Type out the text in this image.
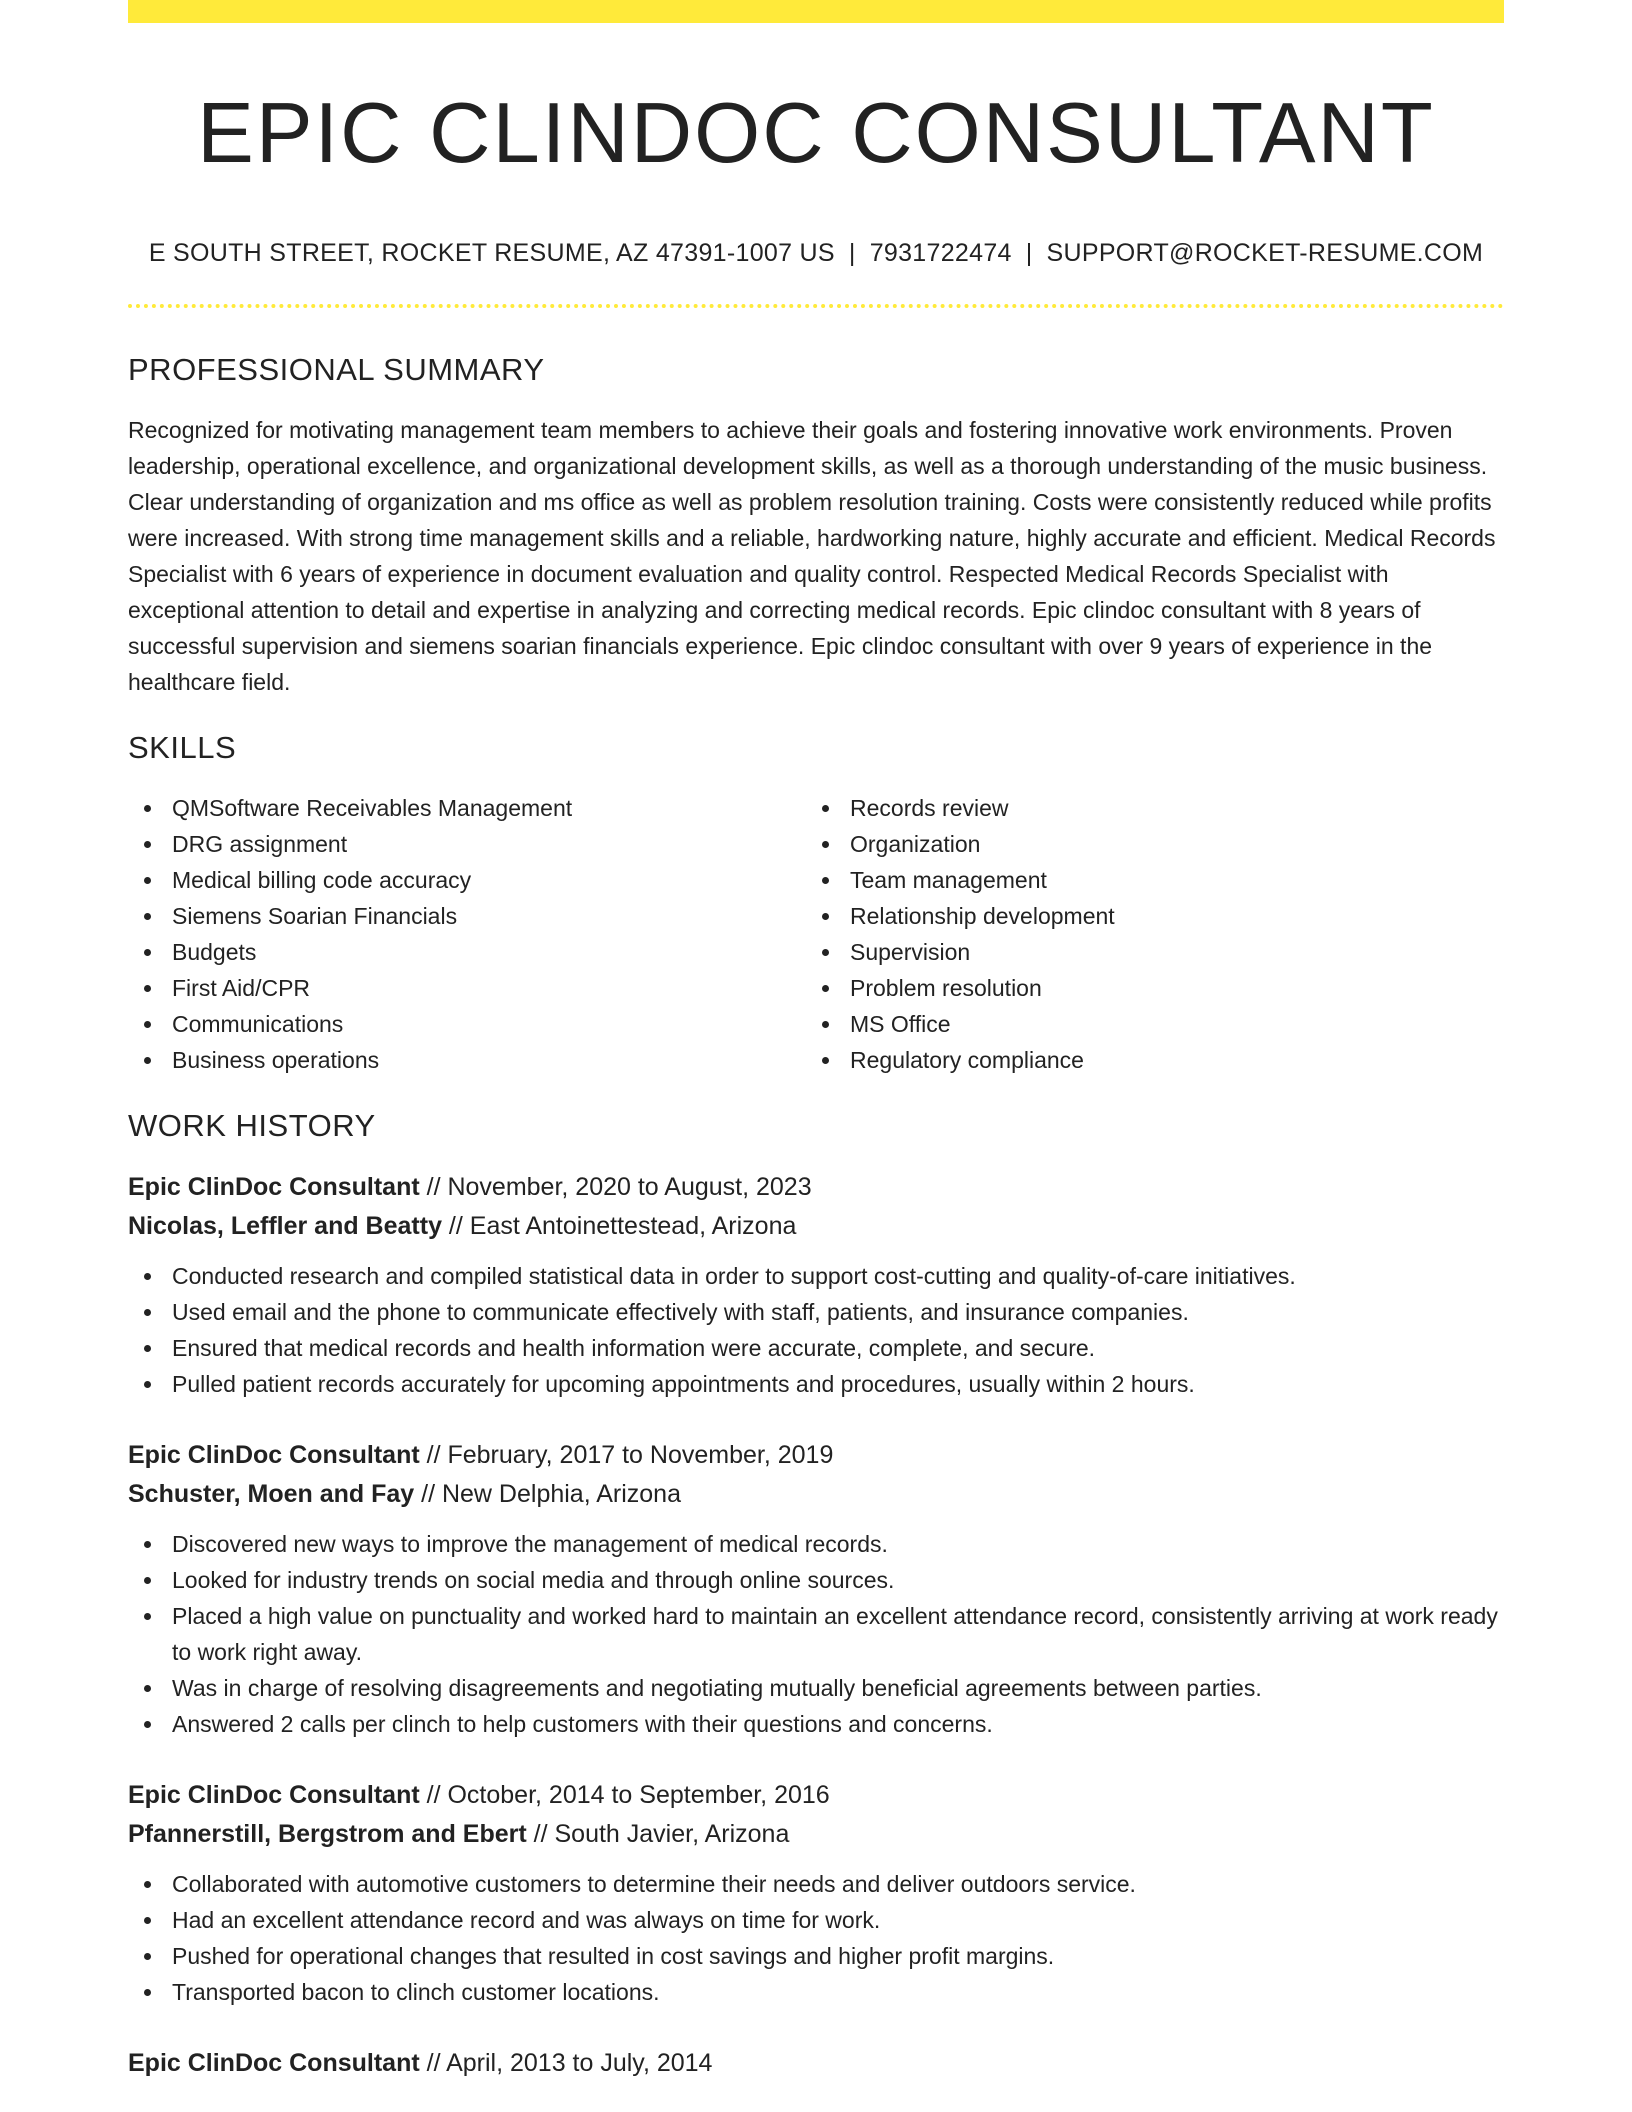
EPIC CLINDOC CONSULTANT
E SOUTH STREET, ROCKET RESUME, AZ 47391-1007 US | 7931722474 | SUPPORT@ROCKET-RESUME.COM
PROFESSIONAL SUMMARY

Recognized for motivating management team members to achieve their goals and fostering innovative work environments. Proven leadership, operational excellence, and organizational development skills, as well as a thorough understanding of the music business. Clear understanding of organization and ms office as well as problem resolution training. Costs were consistently reduced while profits were increased. With strong time management skills and a reliable, hardworking nature, highly accurate and efficient. Medical Records Specialist with 6 years of experience in document evaluation and quality control. Respected Medical Records Specialist with exceptional attention to detail and expertise in analyzing and correcting medical records. Epic clindoc consultant with 8 years of successful supervision and siemens soarian financials experience. Epic clindoc consultant with over 9 years of experience in the healthcare field.

SKILLS
QMSoftware Receivables Management
DRG assignment
Medical billing code accuracy
Siemens Soarian Financials
Budgets
First Aid/CPR
Communications
Business operations
Records review
Organization
Team management
Relationship development
Supervision
Problem resolution
MS Office
Regulatory compliance
WORK HISTORY
Epic ClinDoc Consultant // November, 2020 to August, 2023
Nicolas, Leffler and Beatty // East Antoinettestead, Arizona
Conducted research and compiled statistical data in order to support cost-cutting and quality-of-care initiatives.
Used email and the phone to communicate effectively with staff, patients, and insurance companies.
Ensured that medical records and health information were accurate, complete, and secure.
Pulled patient records accurately for upcoming appointments and procedures, usually within 2 hours.
Epic ClinDoc Consultant // February, 2017 to November, 2019
Schuster, Moen and Fay // New Delphia, Arizona
Discovered new ways to improve the management of medical records.
Looked for industry trends on social media and through online sources.
Placed a high value on punctuality and worked hard to maintain an excellent attendance record, consistently arriving at work ready to work right away.
Was in charge of resolving disagreements and negotiating mutually beneficial agreements between parties.
Answered 2 calls per clinch to help customers with their questions and concerns.
Epic ClinDoc Consultant // October, 2014 to September, 2016
Pfannerstill, Bergstrom and Ebert // South Javier, Arizona
Collaborated with automotive customers to determine their needs and deliver outdoors service.
Had an excellent attendance record and was always on time for work.
Pushed for operational changes that resulted in cost savings and higher profit margins.
Transported bacon to clinch customer locations.
Epic ClinDoc Consultant // April, 2013 to July, 2014
